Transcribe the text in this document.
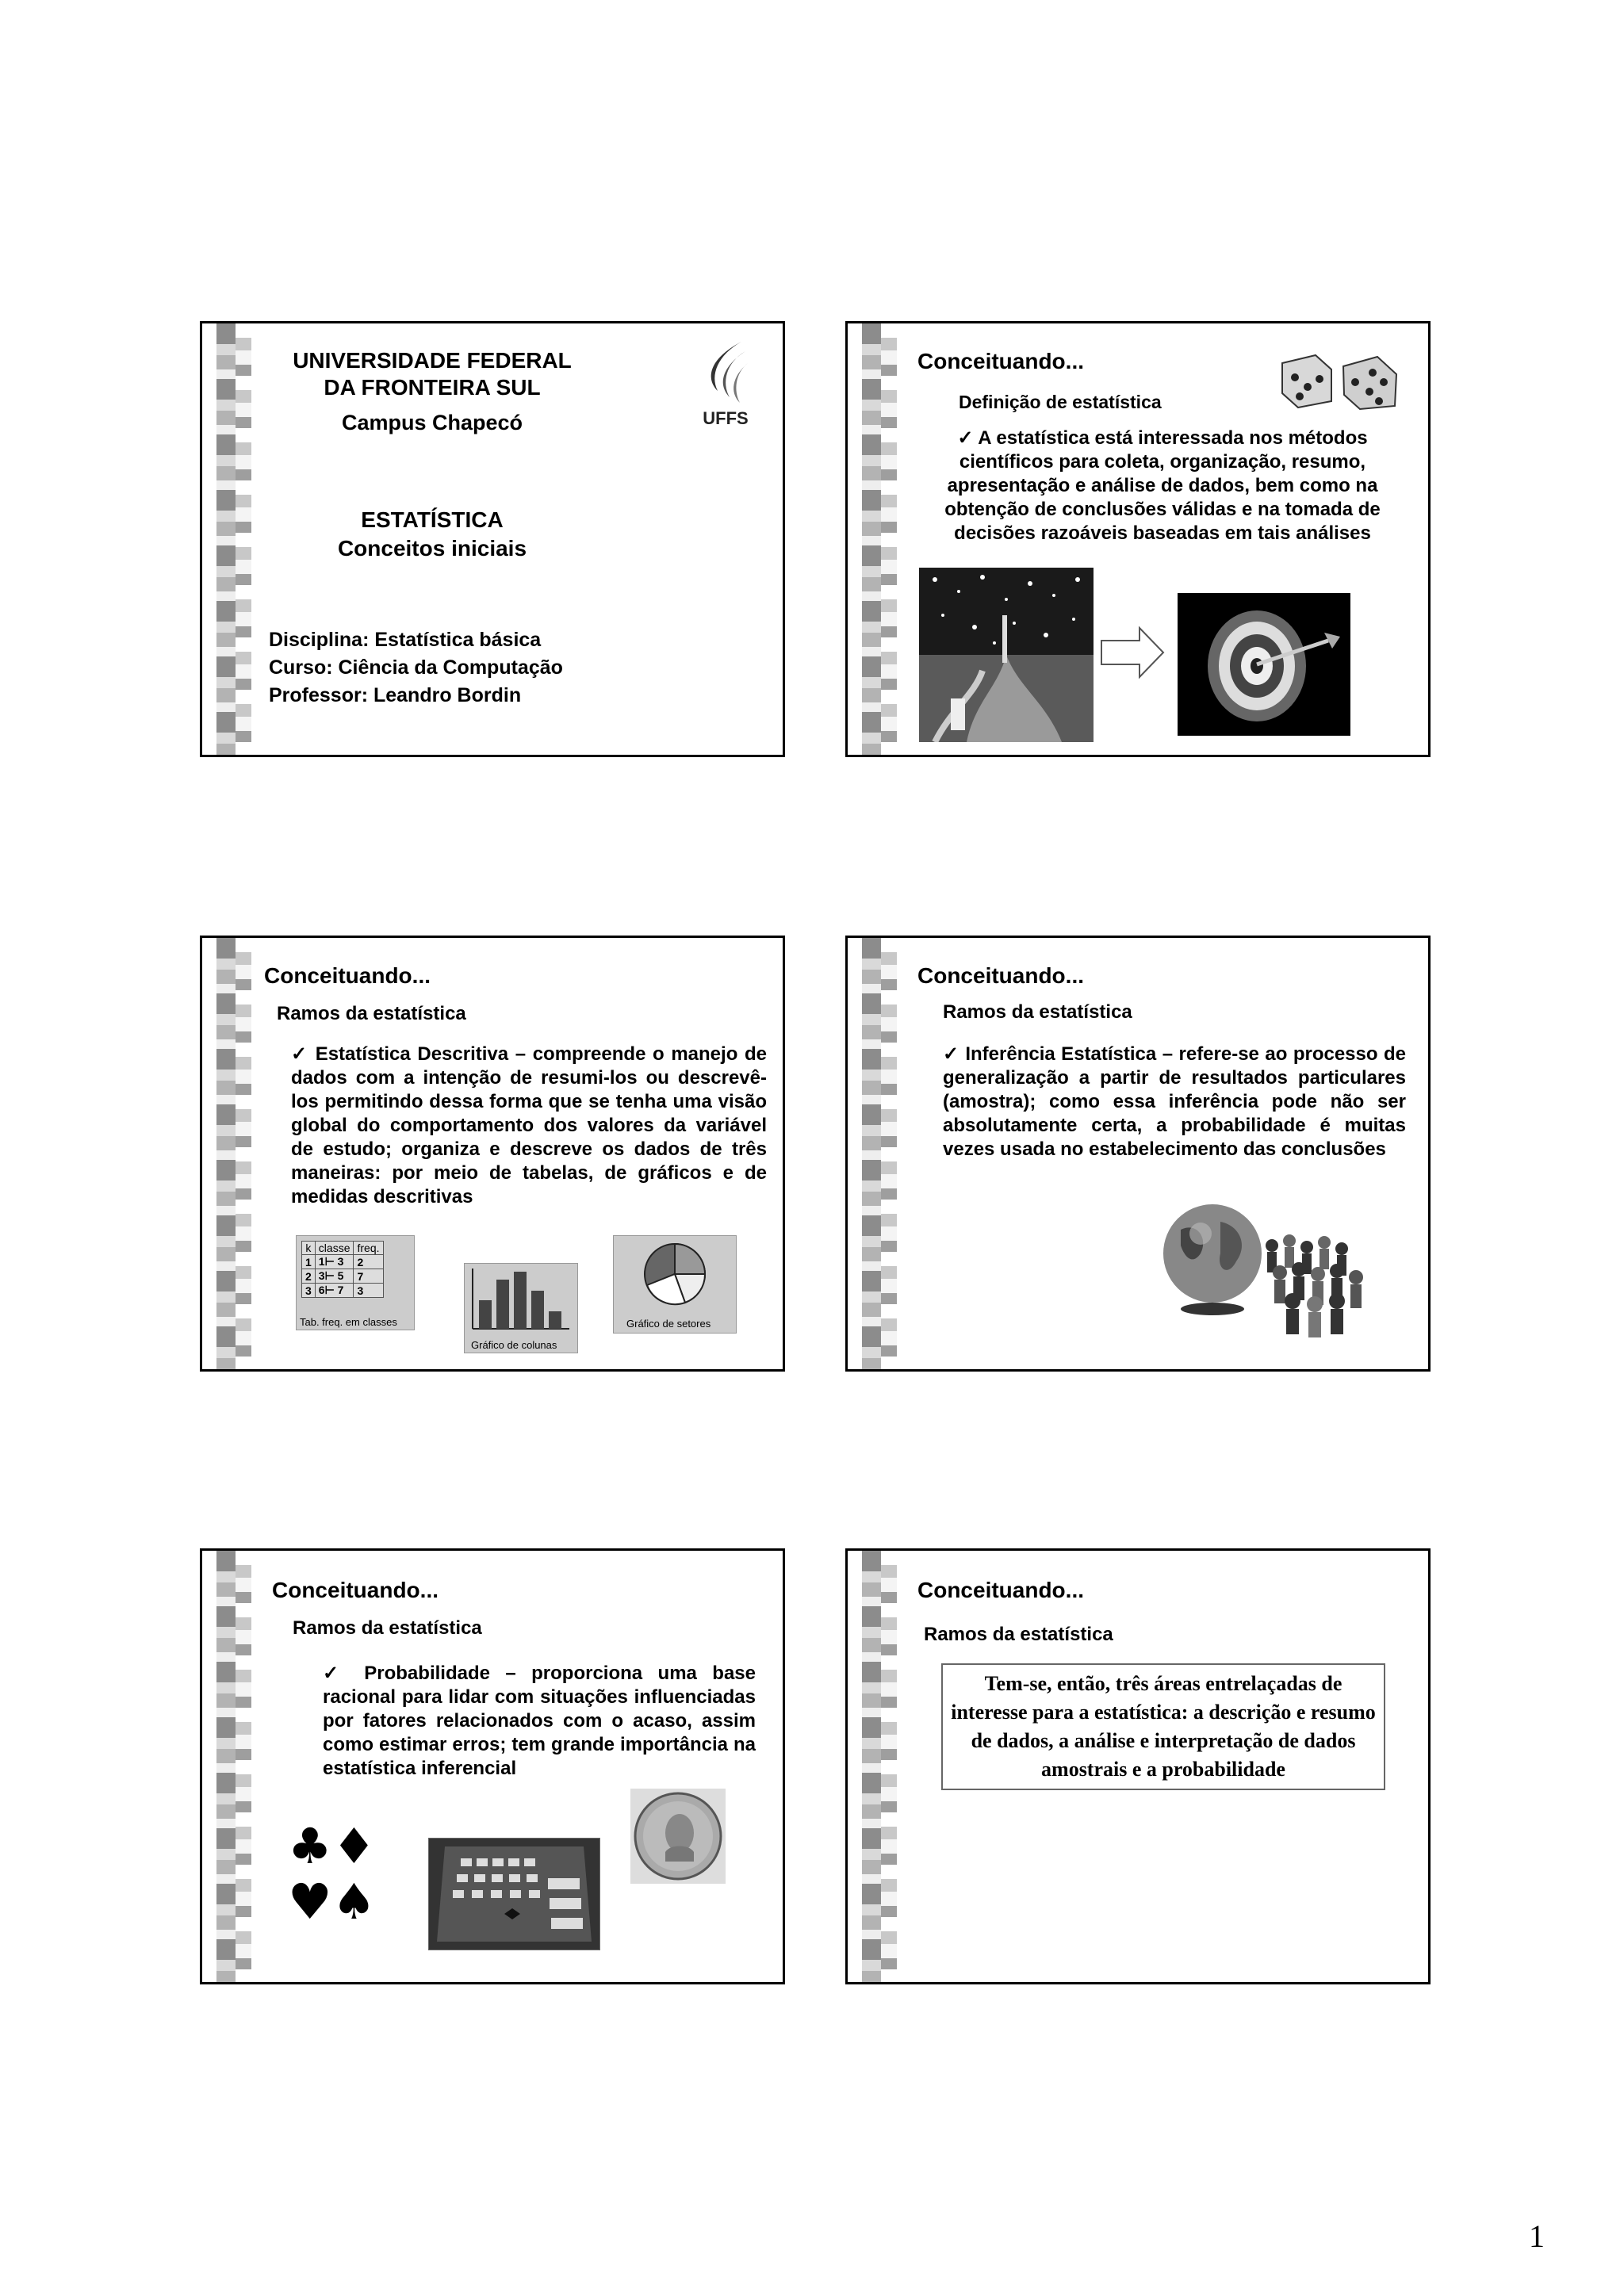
UNIVERSIDADE FEDERAL DA FRONTEIRA SUL
Campus Chapecó	UFFS
ESTATÍSTICA
Conceitos iniciais
Disciplina: Estatística básica
Curso: Ciência da Computação
Professor: Leandro Bordin
Conceituando...
Definição de estatística
✓ A estatística está interessada nos métodos científicos para coleta, organização, resumo, apresentação e análise de dados, bem como na obtenção de conclusões válidas e na tomada de decisões razoáveis baseadas em tais análises
Conceituando...
Ramos da estatística
✓ Estatística Descritiva – compreende o manejo de dados com a intenção de resumi-los ou descrevê-los permitindo dessa forma que se tenha uma visão global do comportamento dos valores da variável de estudo; organiza e descreve os dados de três maneiras: por meio de tabelas, de gráficos e de medidas descritivas
k	classe	freq.
1	1⊢ 3	2
2	3⊢ 5	7
3	6⊢ 7	3
Tab. freq. em classes
Gráfico de colunas
Gráfico de setores
Conceituando...
Ramos da estatística
✓ Inferência Estatística – refere-se ao processo de generalização a partir de resultados particulares (amostra); como essa inferência pode não ser absolutamente certa, a probabilidade é muitas vezes usada no estabelecimento das conclusões
Conceituando...
Ramos da estatística
✓ Probabilidade – proporciona uma base racional para lidar com situações influenciadas por fatores relacionados com o acaso, assim como estimar erros; tem grande importância na estatística inferencial
♣♦♥♠
Conceituando...
Ramos da estatística
Tem-se, então, três áreas entrelaçadas de interesse para a estatística: a descrição e resumo de dados, a análise e interpretação de dados amostrais e a probabilidade
1
